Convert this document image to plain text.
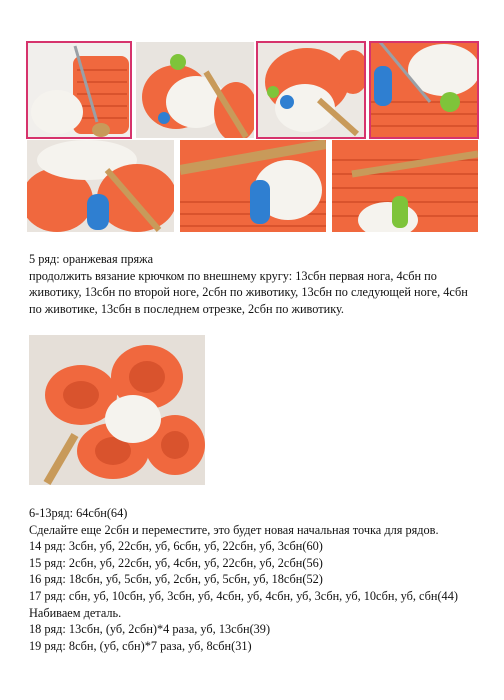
5 ряд: оранжевая пряжа

продолжить вязание крючком по внешнему кругу: 13сбн первая нога, 4сбн по животику, 13сбн по второй ноге, 2сбн по животику, 13сбн по следующей ноге, 4сбн по животике, 13сбн в последнем отрезке, 2сбн по животику.

6-13ряд: 64сбн(64)

Сделайте еще 2сбн и переместите, это будет новая начальная точка для рядов.

14 ряд: 3сбн, уб, 22сбн, уб, 6сбн, уб, 22сбн, уб, 3сбн(60)

15 ряд: 2сбн, уб, 22сбн, уб, 4сбн, уб, 22сбн, уб, 2сбн(56)

16 ряд: 18сбн, уб, 5сбн, уб, 2сбн, уб, 5сбн, уб, 18сбн(52)

17 ряд: сбн, уб, 10сбн, уб, 3сбн, уб, 4сбн, уб, 4сбн, уб, 3сбн, уб, 10сбн, уб, сбн(44)

Набиваем деталь.

18 ряд: 13сбн, (уб, 2сбн)*4 раза, уб, 13сбн(39)

19 ряд: 8сбн, (уб, сбн)*7 раза, уб, 8сбн(31)
